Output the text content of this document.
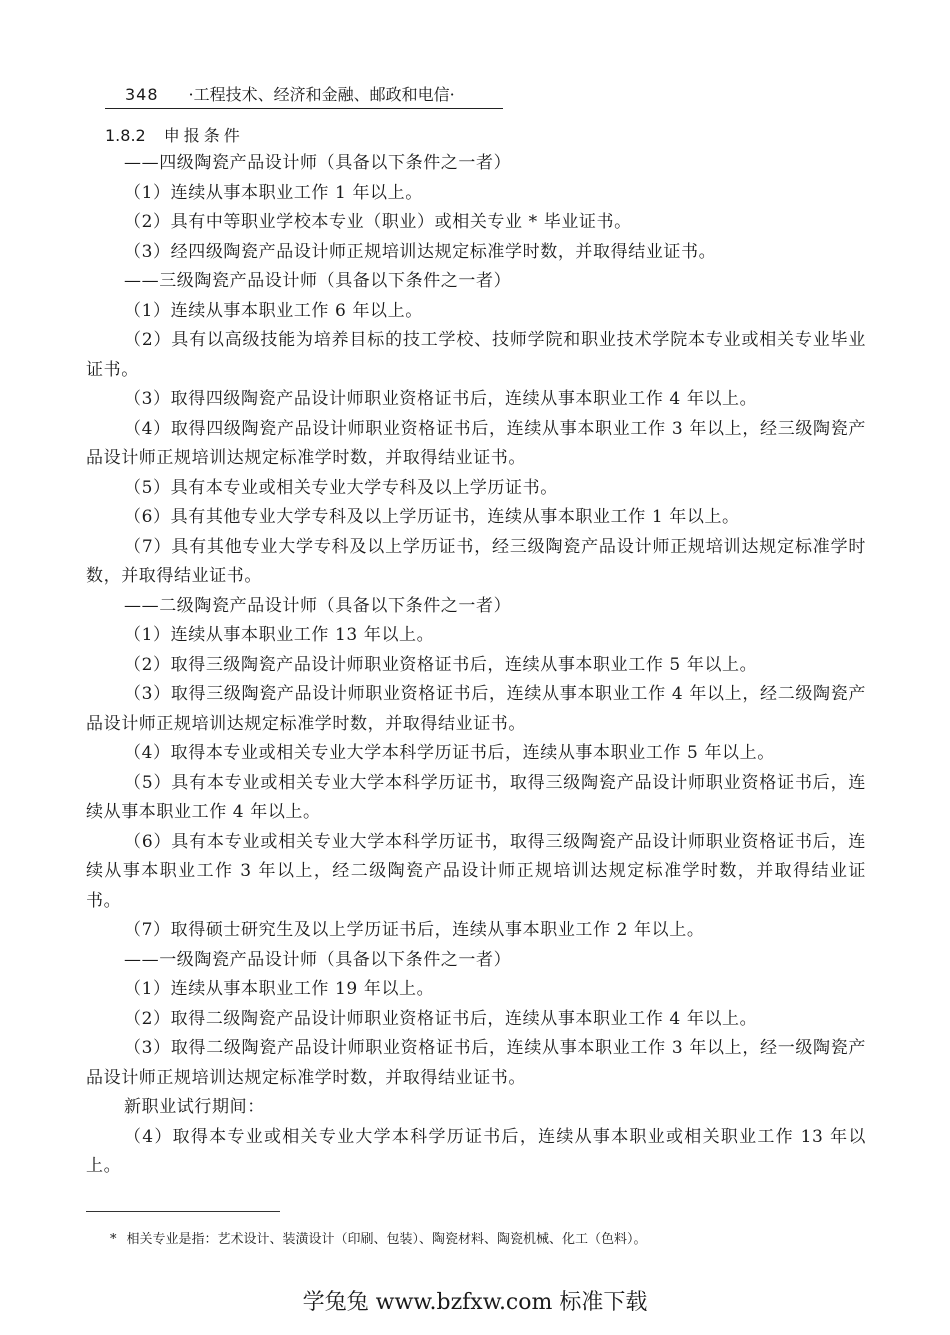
348 ·工程技术、经济和金融、邮政和电信·
1.8.2 申报条件

——四级陶瓷产品设计师（具备以下条件之一者）

（1）连续从事本职业工作 1 年以上。

（2）具有中等职业学校本专业（职业）或相关专业 * 毕业证书。

（3）经四级陶瓷产品设计师正规培训达规定标准学时数，并取得结业证书。

——三级陶瓷产品设计师（具备以下条件之一者）

（1）连续从事本职业工作 6 年以上。

（2）具有以高级技能为培养目标的技工学校、技师学院和职业技术学院本专业或相关专业毕业证书。

（3）取得四级陶瓷产品设计师职业资格证书后，连续从事本职业工作 4 年以上。

（4）取得四级陶瓷产品设计师职业资格证书后，连续从事本职业工作 3 年以上，经三级陶瓷产品设计师正规培训达规定标准学时数，并取得结业证书。

（5）具有本专业或相关专业大学专科及以上学历证书。

（6）具有其他专业大学专科及以上学历证书，连续从事本职业工作 1 年以上。

（7）具有其他专业大学专科及以上学历证书，经三级陶瓷产品设计师正规培训达规定标准学时数，并取得结业证书。

——二级陶瓷产品设计师（具备以下条件之一者）

（1）连续从事本职业工作 13 年以上。

（2）取得三级陶瓷产品设计师职业资格证书后，连续从事本职业工作 5 年以上。

（3）取得三级陶瓷产品设计师职业资格证书后，连续从事本职业工作 4 年以上，经二级陶瓷产品设计师正规培训达规定标准学时数，并取得结业证书。

（4）取得本专业或相关专业大学本科学历证书后，连续从事本职业工作 5 年以上。

（5）具有本专业或相关专业大学本科学历证书，取得三级陶瓷产品设计师职业资格证书后，连续从事本职业工作 4 年以上。

（6）具有本专业或相关专业大学本科学历证书，取得三级陶瓷产品设计师职业资格证书后，连续从事本职业工作 3 年以上，经二级陶瓷产品设计师正规培训达规定标准学时数，并取得结业证书。

（7）取得硕士研究生及以上学历证书后，连续从事本职业工作 2 年以上。

——一级陶瓷产品设计师（具备以下条件之一者）

（1）连续从事本职业工作 19 年以上。

（2）取得二级陶瓷产品设计师职业资格证书后，连续从事本职业工作 4 年以上。

（3）取得二级陶瓷产品设计师职业资格证书后，连续从事本职业工作 3 年以上，经一级陶瓷产品设计师正规培训达规定标准学时数，并取得结业证书。

新职业试行期间：

（4）取得本专业或相关专业大学本科学历证书后，连续从事本职业或相关职业工作 13 年以上。

* 相关专业是指：艺术设计、装潢设计（印刷、包装）、陶瓷材料、陶瓷机械、化工（色料）。
学兔兔 www.bzfxw.com 标准下载
